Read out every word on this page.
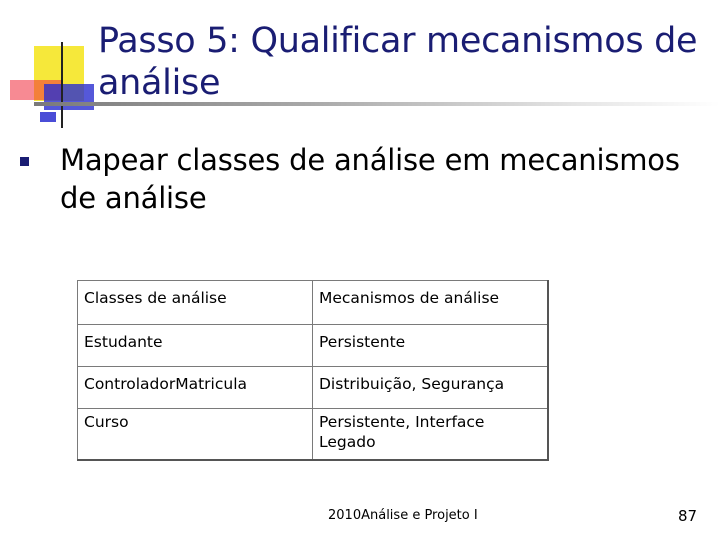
Passo 5: Qualificar mecanismos de análise
Mapear classes de análise em mecanismos de análise
Classes de análise	Mecanismos de análise
Estudante	Persistente
ControladorMatricula	Distribuição, Segurança
Curso	Persistente, Interface Legado
2010Análise e Projeto I	87
